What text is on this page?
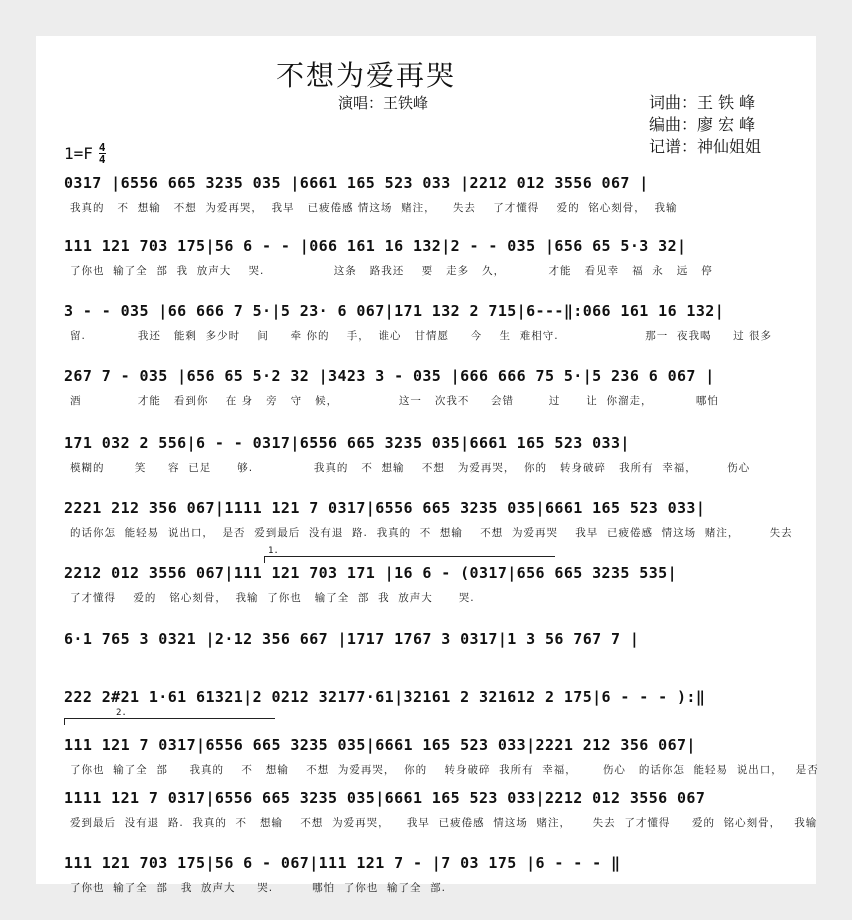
不想为爱再哭
演唱：王铁峰	词曲：王 铁 峰
编曲：廖 宏 峰
记谱：神仙姐姐
1=F 4
4
1.
2.
0317 |6556 665 3235 035 |6661 165 523 033 |2212 012 3556 067 |
我真的   不  想输   不想  为爱再哭，  我早   已疲倦感 情这场  赌注，    失去    了才懂得    爱的  铭心刻骨，  我输
111 121 703 175|56 6 - - |066 161 16 132|2 - - 035 |656 65 5·3 32|
了你也  输了全  部  我  放声大    哭.                这条   路我还    要   走多   久，          才能   看见幸   福  永   远   停
3 - - 035 |66 666 7 5·|5 23· 6 067|171 132 2 715|6---‖:066 161 16 132|
留.            我还   能剩  多少时    间     牵 你的    手，  谁心   甘情愿     今    生  难相守.                    那一  夜我喝     过 很多
267 7 - 035 |656 65 5·2 32 |3423 3 - 035 |666 666 75 5·|5 236 6 067 |
酒             才能   看到你    在 身   旁   守   候，              这一   次我不     会错        过      让  你溜走，          哪怕
171 032 2 556|6 - - 0317|6556 665 3235 035|6661 165 523 033|
模糊的       笑     容  已足      够.              我真的   不  想输    不想   为爱再哭，  你的   转身破碎   我所有  幸福，       伤心
2221 212 356 067|1111 121 7 0317|6556 665 3235 035|6661 165 523 033|
的话你怎  能轻易  说出口，  是否  爱到最后  没有退  路.  我真的  不  想输    不想  为爱再哭    我早  已疲倦感  情这场  赌注，       失去
2212 012 3556 067|111 121 703 171 |16 6 - (0317|656 665 3235 535|
了才懂得    爱的   铭心刻骨，  我输  了你也   输了全  部  我  放声大      哭.
6·1 765 3 0321 |2·12 356 667 |1717 1767 3 0317|1 3 56 767 7 |
222 2#21 1·61 61321|2 0212 32177·61|32161 2 321612 2 175|6 - - - ):‖
111 121 7 0317|6556 665 3235 035|6661 165 523 033|2221 212 356 067|
了你也  输了全  部     我真的    不   想输    不想  为爱再哭，  你的    转身破碎  我所有  幸福，      伤心   的话你怎  能轻易  说出口，   是否
1111 121 7 0317|6556 665 3235 035|6661 165 523 033|2212 012 3556 067
爱到最后  没有退  路.  我真的  不   想输    不想  为爱再哭，    我早  已疲倦感  情这场  赌注，     失去  了才懂得     爱的  铭心刻骨，   我输
111 121 703 175|56 6 - 067|111 121 7 - |7 03 175 |6 - - - ‖
了你也  输了全  部   我  放声大     哭.         哪怕  了你也  输了全  部.
